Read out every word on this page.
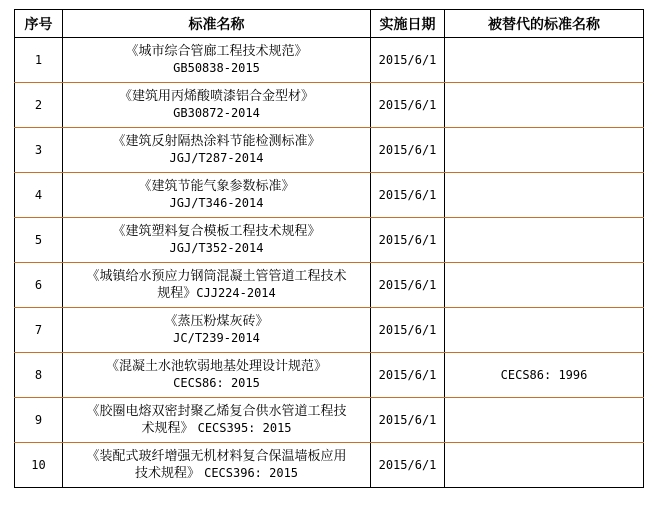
序号	标准名称	实施日期	被替代的标准名称
1	《城市综合管廊工程技术规范》
GB50838-2015	2015/6/1	
2	《建筑用丙烯酸喷漆铝合金型材》
GB30872-2014	2015/6/1	
3	《建筑反射隔热涂料节能检测标准》
JGJ/T287-2014	2015/6/1	
4	《建筑节能气象参数标准》
JGJ/T346-2014	2015/6/1	
5	《建筑塑料复合模板工程技术规程》
JGJ/T352-2014	2015/6/1	
6	《城镇给水预应力钢筒混凝土管管道工程技术
规程》CJJ224-2014	2015/6/1	
7	《蒸压粉煤灰砖》
JC/T239-2014	2015/6/1	
8	《混凝土水池软弱地基处理设计规范》
CECS86: 2015	2015/6/1	CECS86: 1996
9	《胶圈电熔双密封聚乙烯复合供水管道工程技
术规程》 CECS395: 2015	2015/6/1	
10	《装配式玻纤增强无机材料复合保温墙板应用
技术规程》 CECS396: 2015	2015/6/1	
